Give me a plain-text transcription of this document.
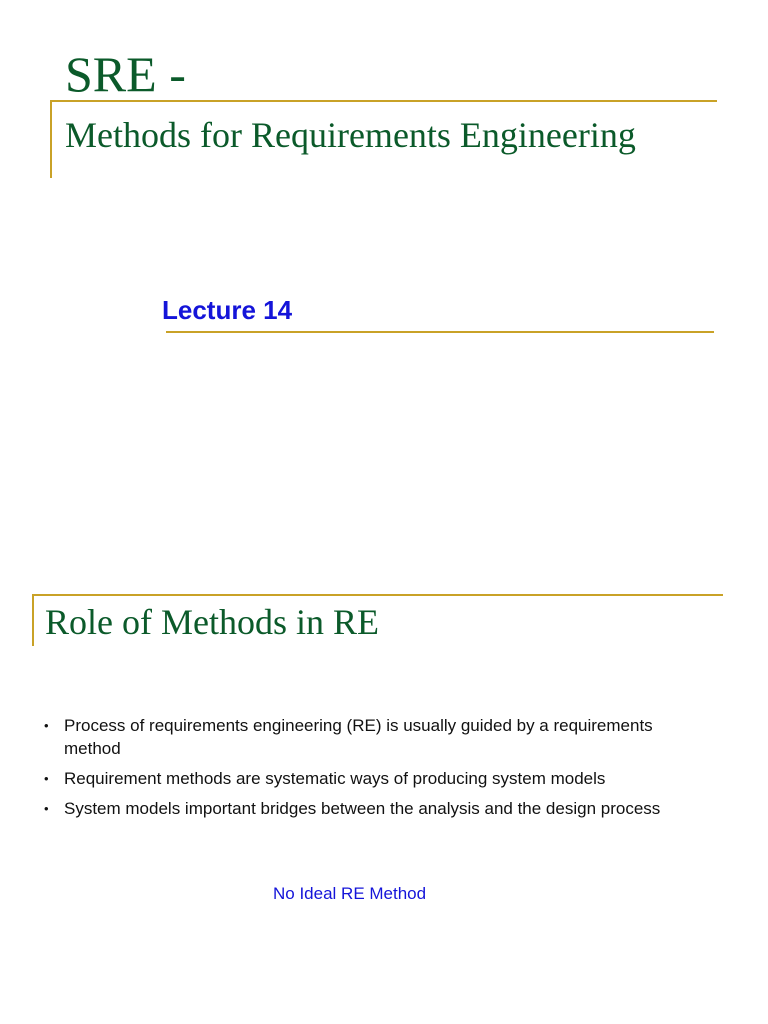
SRE -
Methods for Requirements Engineering

Lecture 14

Role of Methods in RE
• Process of requirements engineering (RE) is usually guided by a requirements method
• Requirement methods are systematic ways of producing system models
• System models important bridges between the analysis and the design process

No Ideal RE Method
